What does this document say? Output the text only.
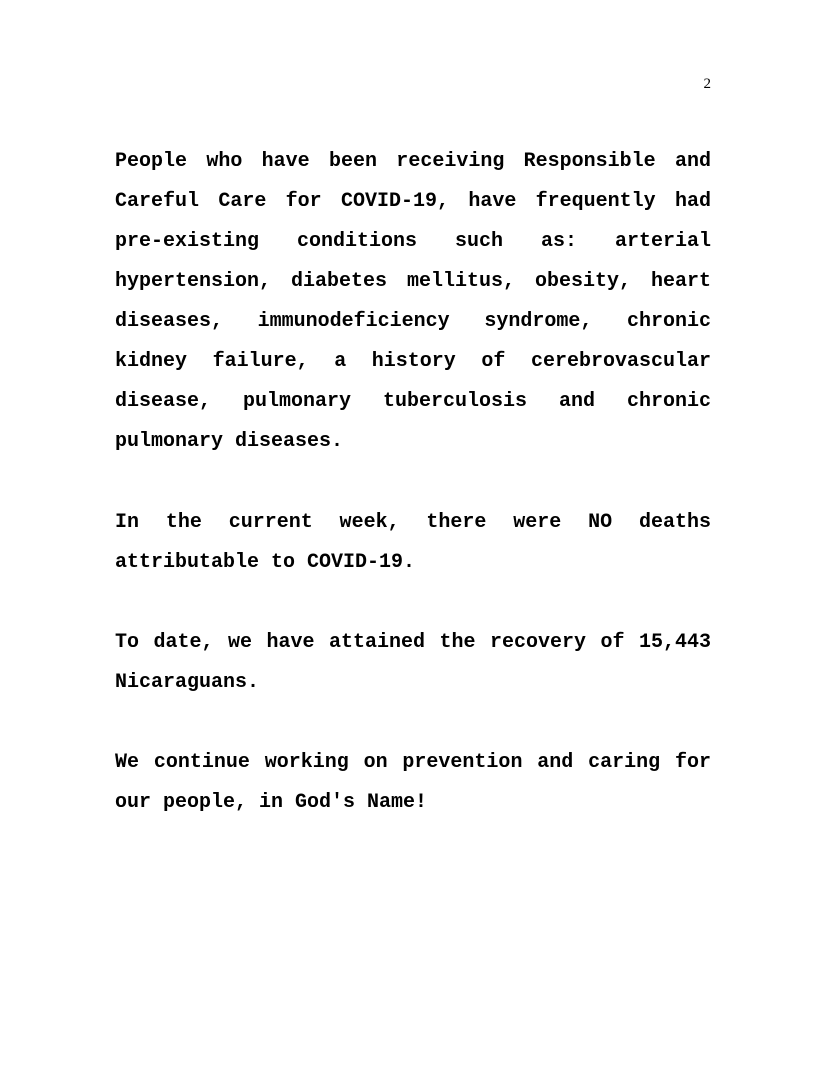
2

People who have been receiving Responsible and Careful Care for COVID-19, have frequently had pre-existing conditions such as: arterial hypertension, diabetes mellitus, obesity, heart diseases, immunodeficiency syndrome, chronic kidney failure, a history of cerebrovascular disease, pulmonary tuberculosis and chronic pulmonary diseases.

In the current week, there were NO deaths attributable to COVID-19.

To date, we have attained the recovery of 15,443 Nicaraguans.

We continue working on prevention and caring for our people, in God's Name!
